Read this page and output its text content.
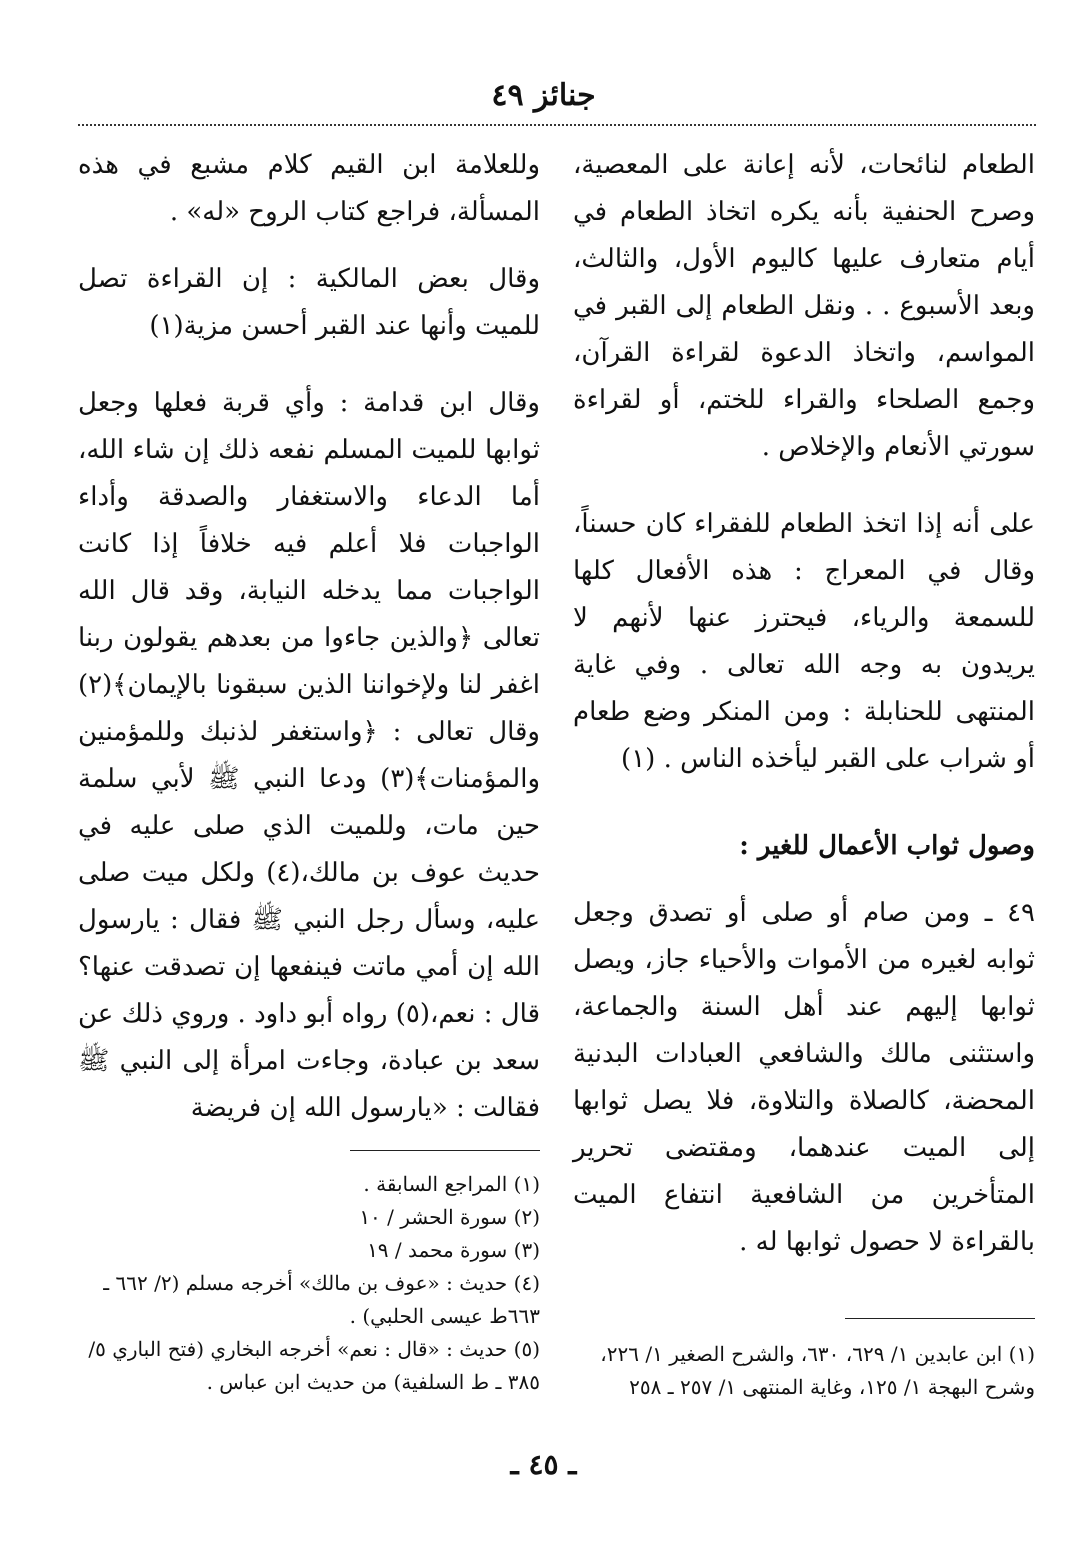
جنائز ٤٩

الطعام لنائحات، لأنه إعانة على المعصية، وصرح الحنفية بأنه يكره اتخاذ الطعام في أيام متعارف عليها كاليوم الأول، والثالث، وبعد الأسبوع . . ونقل الطعام إلى القبر في المواسم، واتخاذ الدعوة لقراءة القرآن، وجمع الصلحاء والقراء للختم، أو لقراءة سورتي الأنعام والإخلاص .

على أنه إذا اتخذ الطعام للفقراء كان حسناً، وقال في المعراج : هذه الأفعال كلها للسمعة والرياء، فيحترز عنها لأنهم لا يريدون به وجه الله تعالى . وفي غاية المنتهى للحنابلة : ومن المنكر وضع طعام أو شراب على القبر ليأخذه الناس . (١)

وصول ثواب الأعمال للغير :

٤٩ ـ ومن صام أو صلى أو تصدق وجعل ثوابه لغيره من الأموات والأحياء جاز، ويصل ثوابها إليهم عند أهل السنة والجماعة، واستثنى مالك والشافعي العبادات البدنية المحضة، كالصلاة والتلاوة، فلا يصل ثوابها إلى الميت عندهما، ومقتضى تحرير المتأخرين من الشافعية انتفاع الميت بالقراءة لا حصول ثوابها له .

وللعلامة ابن القيم كلام مشبع في هذه المسألة، فراجع كتاب الروح «له» .

وقال بعض المالكية : إن القراءة تصل للميت وأنها عند القبر أحسن مزية(١)

وقال ابن قدامة : وأي قربة فعلها وجعل ثوابها للميت المسلم نفعه ذلك إن شاء الله، أما الدعاء والاستغفار والصدقة وأداء الواجبات فلا أعلم فيه خلافاً إذا كانت الواجبات مما يدخله النيابة، وقد قال الله تعالى ﴿والذين جاءوا من بعدهم يقولون ربنا اغفر لنا ولإخواننا الذين سبقونا بالإيمان﴾(٢) وقال تعالى : ﴿واستغفر لذنبك وللمؤمنين والمؤمنات﴾(٣) ودعا النبي ﷺ لأبي سلمة حين مات، وللميت الذي صلى عليه في حديث عوف بن مالك،(٤) ولكل ميت صلى عليه، وسأل رجل النبي ﷺ فقال : يارسول الله إن أمي ماتت فينفعها إن تصدقت عنها؟ قال : نعم،(٥) رواه أبو داود . وروي ذلك عن سعد بن عبادة، وجاءت امرأة إلى النبي ﷺ فقالت : «يارسول الله إن فريضة

(١) المراجع السابقة .
(٢) سورة الحشر / ١٠
(٣) سورة محمد / ١٩
(٤) حديث : «عوف بن مالك» أخرجه مسلم (٢/ ٦٦٢ ـ ٦٦٣ط عيسى الحلبي) .
(٥) حديث : «قال : نعم» أخرجه البخاري (فتح الباري ٥/ ٣٨٥ ـ ط السلفية) من حديث ابن عباس .
(١) ابن عابدين ١/ ٦٢٩، ٦٣٠، والشرح الصغير ١/ ٢٢٦، وشرح البهجة ١/ ١٢٥، وغاية المنتهى ١/ ٢٥٧ ـ ٢٥٨
ـ ٤٥ ـ
